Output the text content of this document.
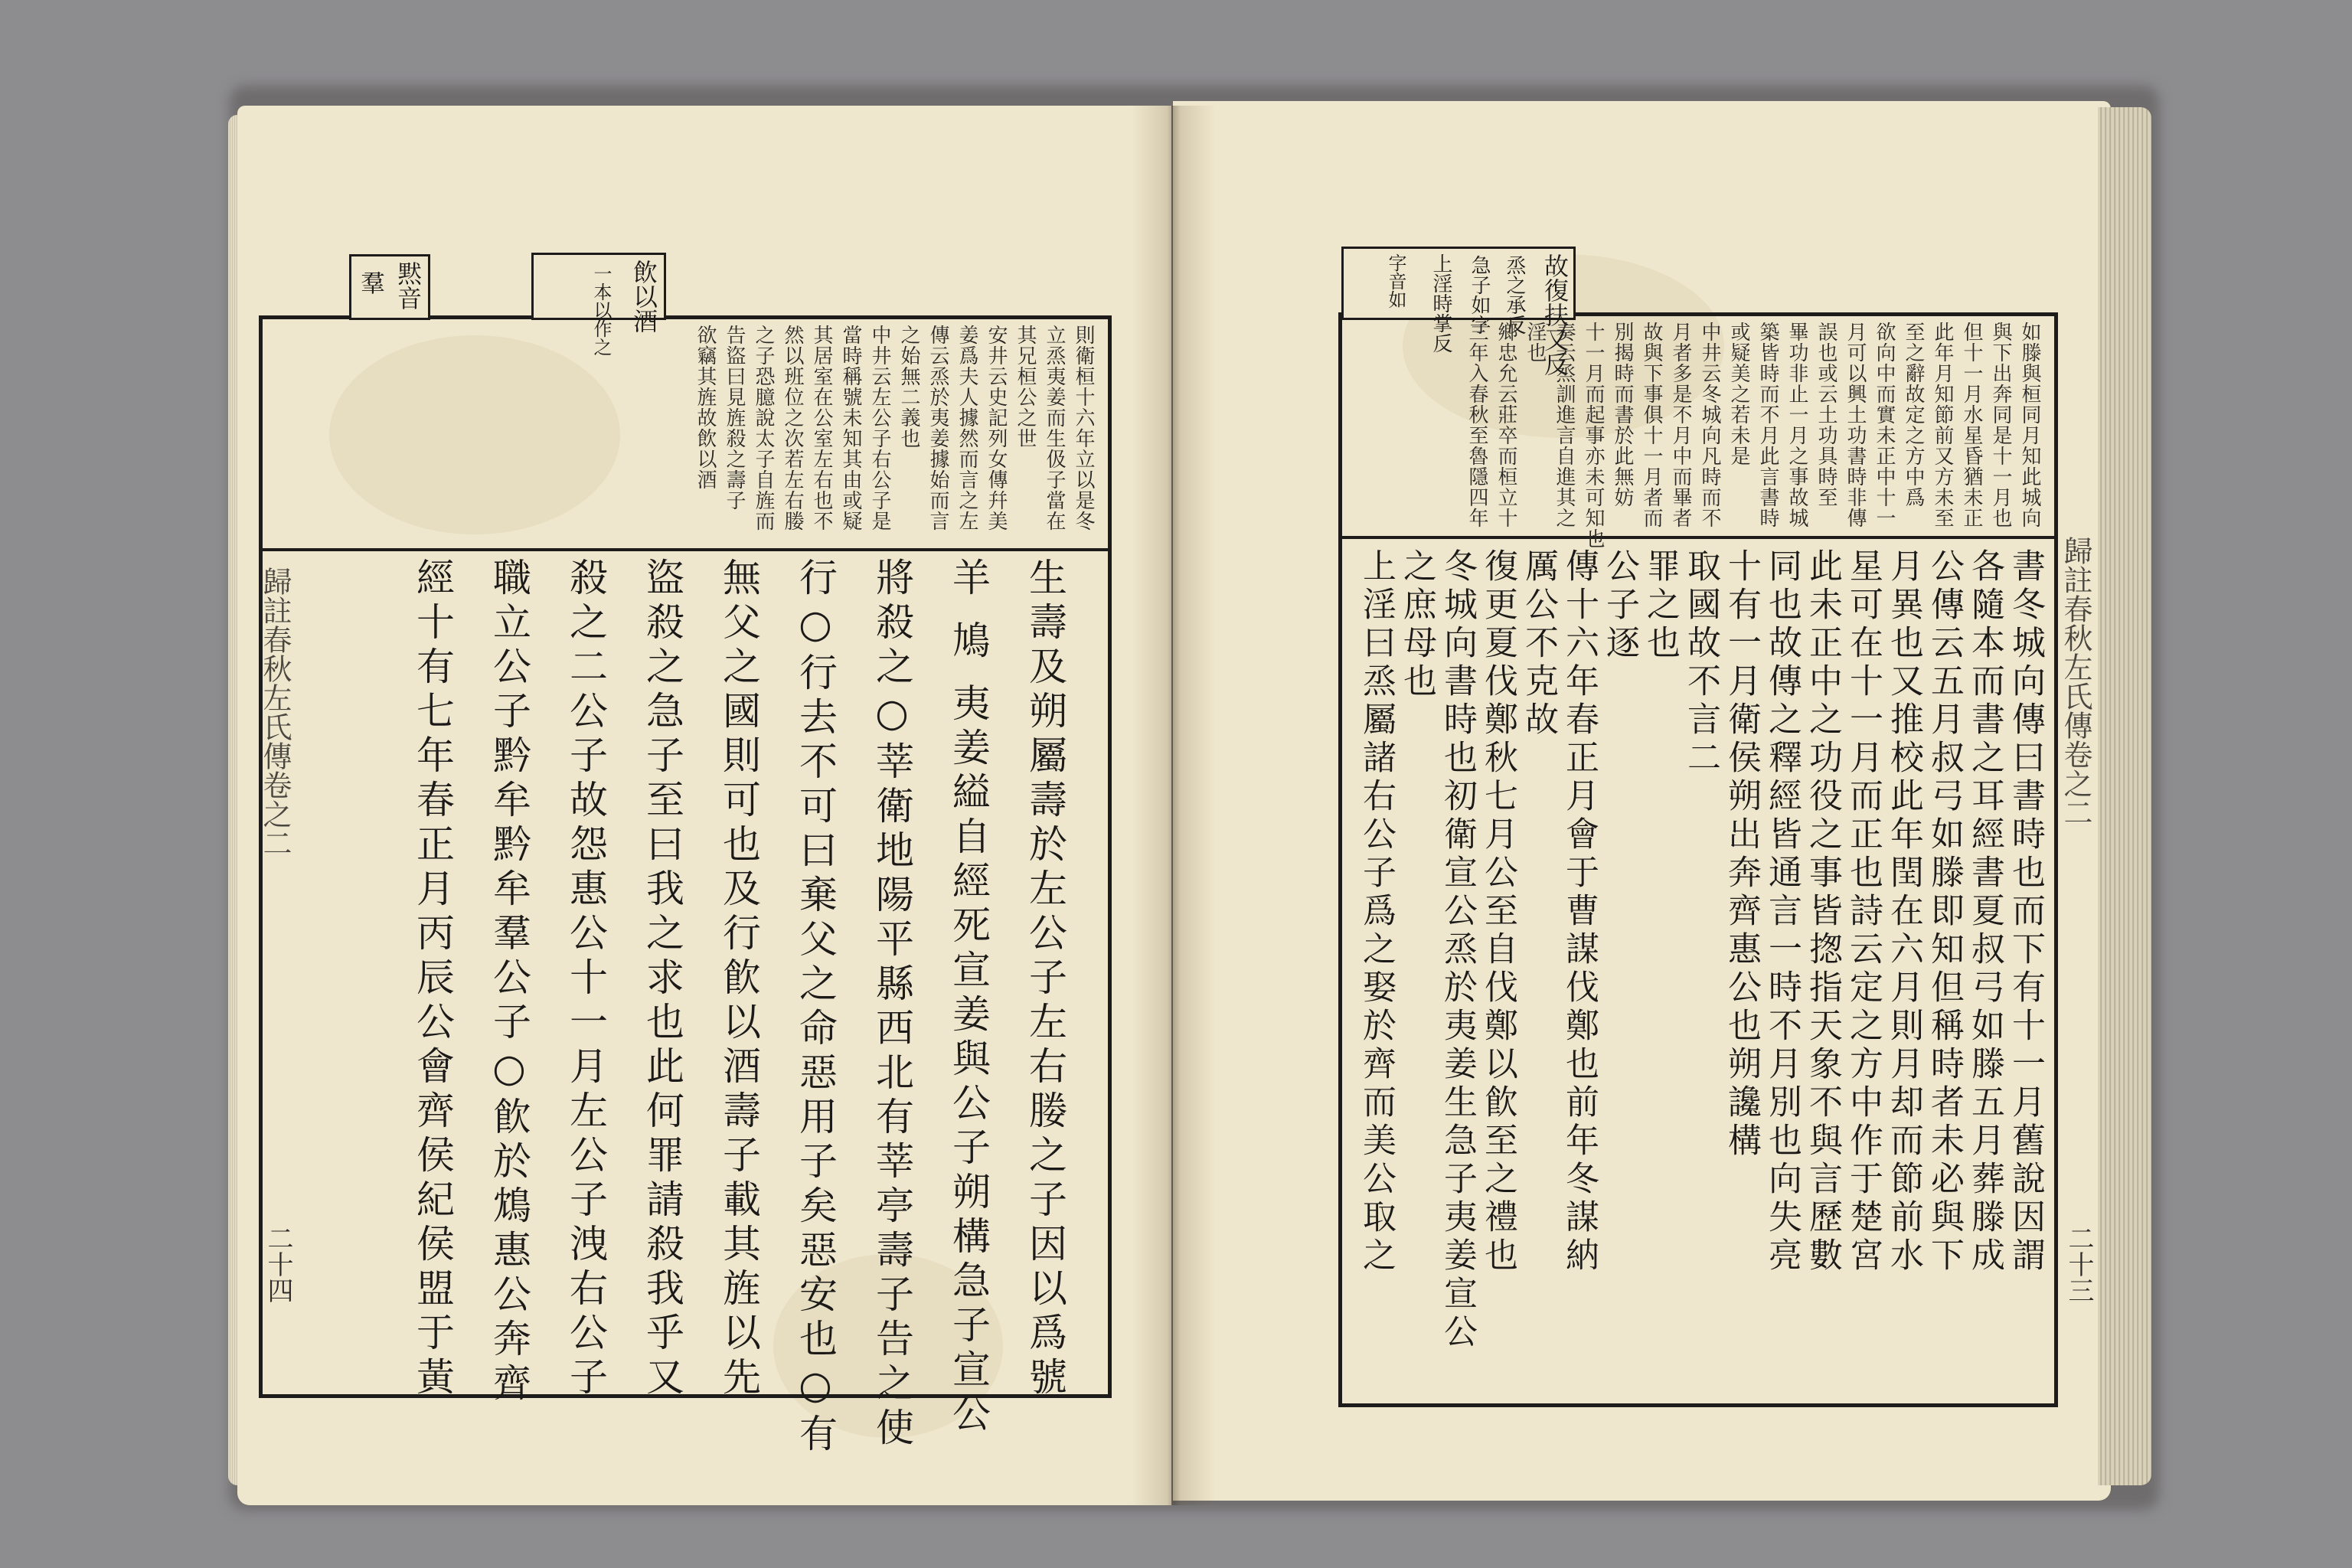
黙音
羣	飲以酒
一本以作之
則衛桓十六年立以是冬
立烝夷姜而生伋子當在
其兄桓公之世
安井云史記列女傳幷美
姜爲夫人據然而言之左
傳云烝於夷姜據始而言
之始無二義也
中井云左公子右公子是
當時稱號未知其由或疑
其居室在公室左右也不
然以班位之次若左右媵
之子恐臆說太子自旌而
告盜曰見旌殺之壽子
欲竊其旌故飲以酒
生壽及朔屬壽於左公子左右媵之子因以爲號
羊 鳩 夷姜縊自經死宣姜與公子朔構急子宣公
將殺之○莘衛地陽平縣西北有莘亭壽子告之使
行○行去不可曰棄父之命惡用子矣惡安也○有
無父之國則可也及行飮以酒壽子載其旌以先
盜殺之急子至曰我之求也此何罪請殺我乎又
殺之二公子故怨惠公十一月左公子洩右公子
職立公子黔牟黔牟羣公子○飮於鴆惠公奔齊
經十有七年春正月丙辰公會齊侯紀侯盟于黃
歸註春秋左氏傳卷之二
二十四
故復扶又反
烝之承反
急子如字
上淫時掌反
字音如
如滕與桓同月知此城向
與下出奔同是十一月也
但十一月水星昏猶未正
此年月知節前又方未至
至之辭故定之方中爲
欲向中而實未正中十一
月可以興土功書時非傳
誤也或云土功具時至
畢功非止一月之事故城
築皆時而不月此言書時
或疑美之若未是
中井云冬城向凡時而不
月者多是不月中而畢者
故與下事俱十一月者而
別揭時而書於此無妨
十一月而起事亦未可知也
奏云烝訓進言自進其之
淫也
鄉忠允云莊卒而桓立十
三年入春秋至魯隱四年
書冬城向傳曰書時也而下有十一月舊說因謂
各隨本而書之耳經書夏叔弓如滕五月葬滕成
公傳云五月叔弓如滕即知但稱時者未必與下
月異也又推校此年閏在六月則月却而節前水
星可在十一月而正也詩云定之方中作于楚宮
此未正中之功役之事皆揔指天象不與言歷數
同也故傳之釋經皆通言一時不月別也向失亮
十有一月衛侯朔出奔齊惠公也朔讒構
取國故不言二
罪之也
公子逐
傳十六年春正月會于曹謀伐鄭也前年冬謀納
厲公不克故
復更夏伐鄭秋七月公至自伐鄭以飮至之禮也
冬城向書時也初衛宣公烝於夷姜生急子夷姜宣公
之庶母也
上淫曰烝屬諸右公子爲之娶於齊而美公取之	歸註春秋左氏傳卷之二
二十三
